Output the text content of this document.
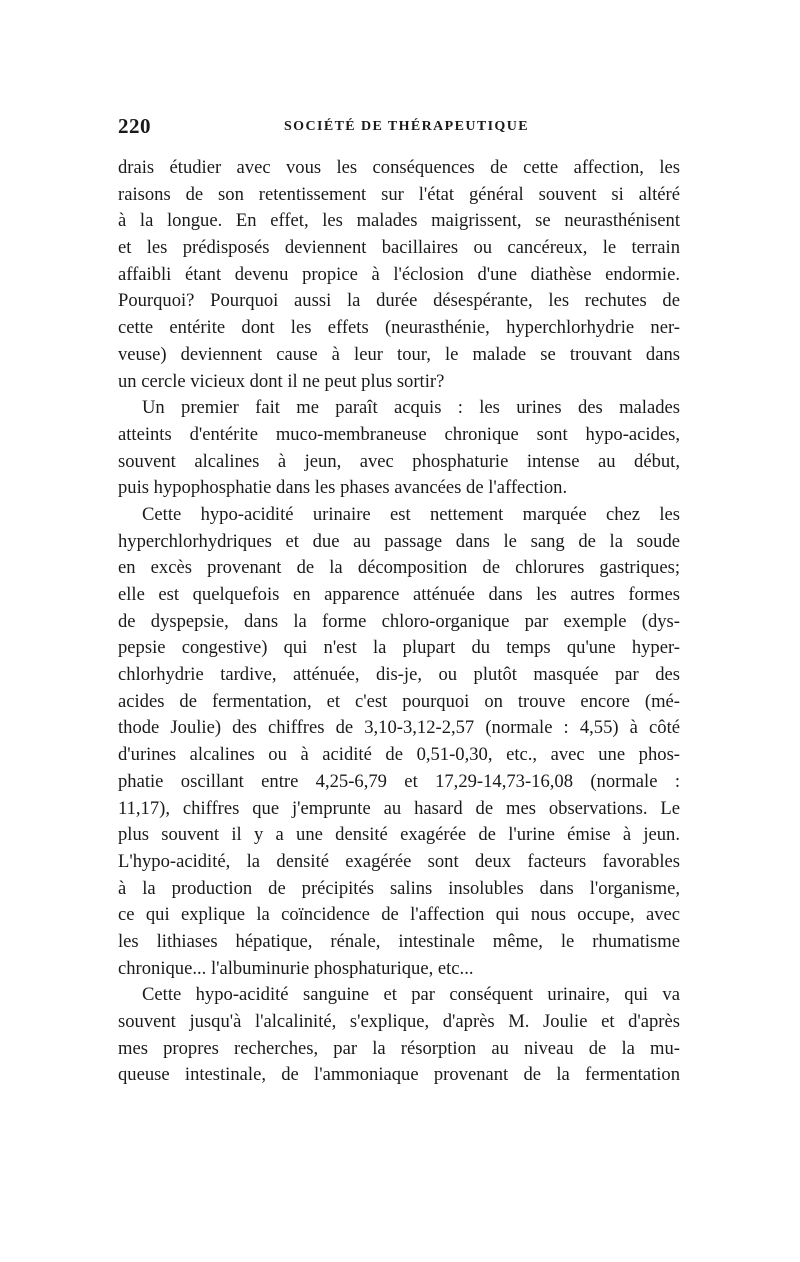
220	SOCIÉTÉ DE THÉRAPEUTIQUE
drais étudier avec vous les conséquences de cette affection, les
raisons de son retentissement sur l'état général souvent si altéré
à la longue. En effet, les malades maigrissent, se neurasthénisent
et les prédisposés deviennent bacillaires ou cancéreux, le terrain
affaibli étant devenu propice à l'éclosion d'une diathèse endormie.
Pourquoi? Pourquoi aussi la durée désespérante, les rechutes de
cette entérite dont les effets (neurasthénie, hyperchlorhydrie ner-
veuse) deviennent cause à leur tour, le malade se trouvant dans
un cercle vicieux dont il ne peut plus sortir?
Un premier fait me paraît acquis : les urines des malades
atteints d'entérite muco-membraneuse chronique sont hypo-acides,
souvent alcalines à jeun, avec phosphaturie intense au début,
puis hypophosphatie dans les phases avancées de l'affection.
Cette hypo-acidité urinaire est nettement marquée chez les
hyperchlorhydriques et due au passage dans le sang de la soude
en excès provenant de la décomposition de chlorures gastriques;
elle est quelquefois en apparence atténuée dans les autres formes
de dyspepsie, dans la forme chloro-organique par exemple (dys-
pepsie congestive) qui n'est la plupart du temps qu'une hyper-
chlorhydrie tardive, atténuée, dis-je, ou plutôt masquée par des
acides de fermentation, et c'est pourquoi on trouve encore (mé-
thode Joulie) des chiffres de 3,10-3,12-2,57 (normale : 4,55) à côté
d'urines alcalines ou à acidité de 0,51-0,30, etc., avec une phos-
phatie oscillant entre 4,25-6,79 et 17,29-14,73-16,08 (normale :
11,17), chiffres que j'emprunte au hasard de mes observations. Le
plus souvent il y a une densité exagérée de l'urine émise à jeun.
L'hypo-acidité, la densité exagérée sont deux facteurs favorables
à la production de précipités salins insolubles dans l'organisme,
ce qui explique la coïncidence de l'affection qui nous occupe, avec
les lithiases hépatique, rénale, intestinale même, le rhumatisme
chronique... l'albuminurie phosphaturique, etc...
Cette hypo-acidité sanguine et par conséquent urinaire, qui va
souvent jusqu'à l'alcalinité, s'explique, d'après M. Joulie et d'après
mes propres recherches, par la résorption au niveau de la mu-
queuse intestinale, de l'ammoniaque provenant de la fermentation
